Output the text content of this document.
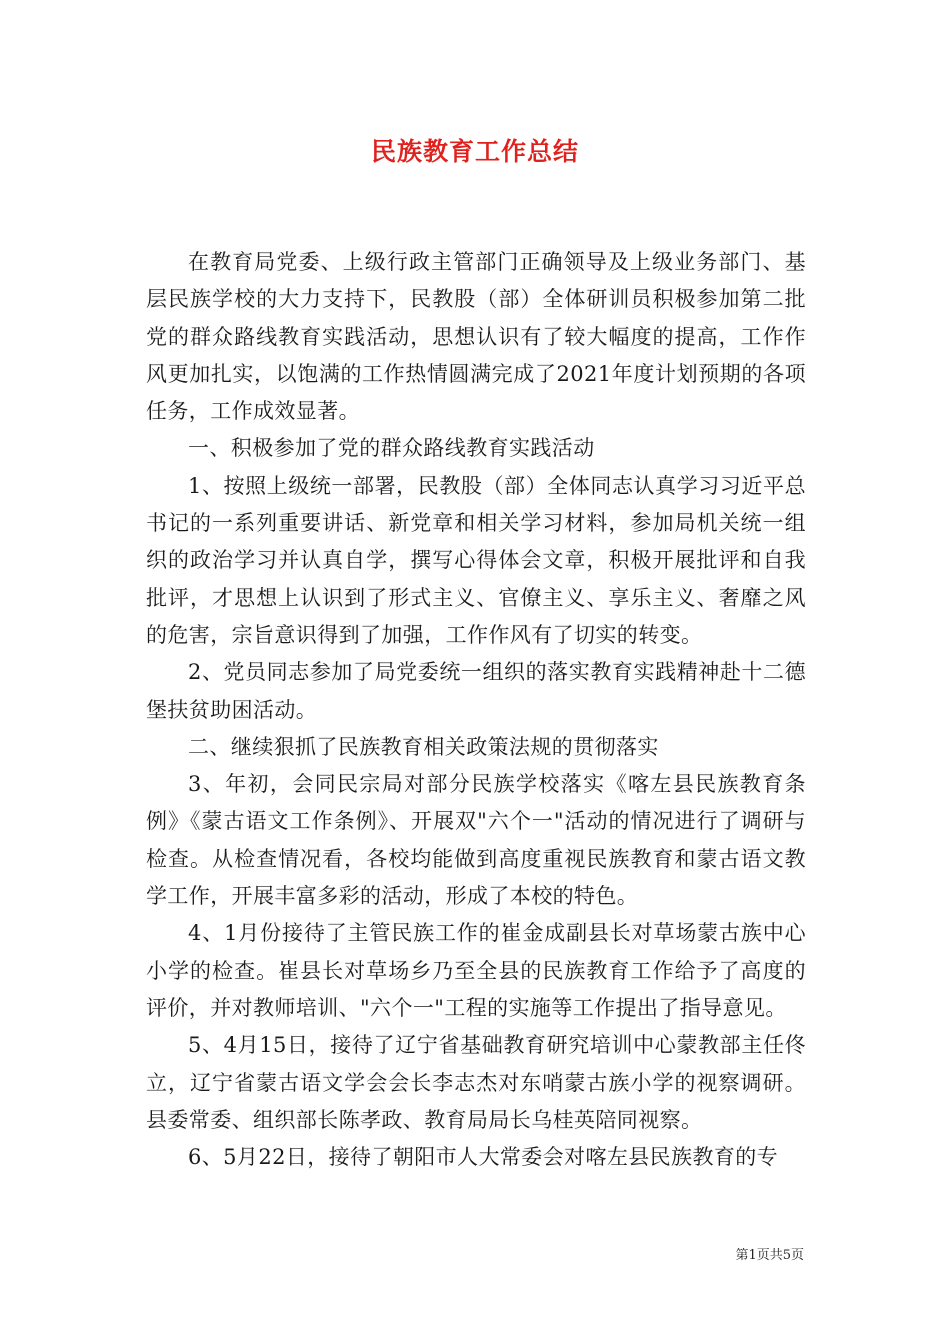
民族教育工作总结

在教育局党委、上级行政主管部门正确领导及上级业务部门、基层民族学校的大力支持下，民教股（部）全体研训员积极参加第二批党的群众路线教育实践活动，思想认识有了较大幅度的提高，工作作风更加扎实，以饱满的工作热情圆满完成了2021年度计划预期的各项任务，工作成效显著。

一、积极参加了党的群众路线教育实践活动

1、按照上级统一部署，民教股（部）全体同志认真学习习近平总书记的一系列重要讲话、新党章和相关学习材料，参加局机关统一组织的政治学习并认真自学，撰写心得体会文章，积极开展批评和自我批评，才思想上认识到了形式主义、官僚主义、享乐主义、奢靡之风的危害，宗旨意识得到了加强，工作作风有了切实的转变。

2、党员同志参加了局党委统一组织的落实教育实践精神赴十二德堡扶贫助困活动。

二、继续狠抓了民族教育相关政策法规的贯彻落实

3、年初，会同民宗局对部分民族学校落实《喀左县民族教育条例》《蒙古语文工作条例》、开展双"六个一"活动的情况进行了调研与检查。从检查情况看，各校均能做到高度重视民族教育和蒙古语文教学工作，开展丰富多彩的活动，形成了本校的特色。

4、1月份接待了主管民族工作的崔金成副县长对草场蒙古族中心小学的检查。崔县长对草场乡乃至全县的民族教育工作给予了高度的评价，并对教师培训、"六个一"工程的实施等工作提出了指导意见。

5、4月15日，接待了辽宁省基础教育研究培训中心蒙教部主任佟立，辽宁省蒙古语文学会会长李志杰对东哨蒙古族小学的视察调研。县委常委、组织部长陈孝政、教育局局长乌桂英陪同视察。

6、5月22日，接待了朝阳市人大常委会对喀左县民族教育的专

第1页共5页
